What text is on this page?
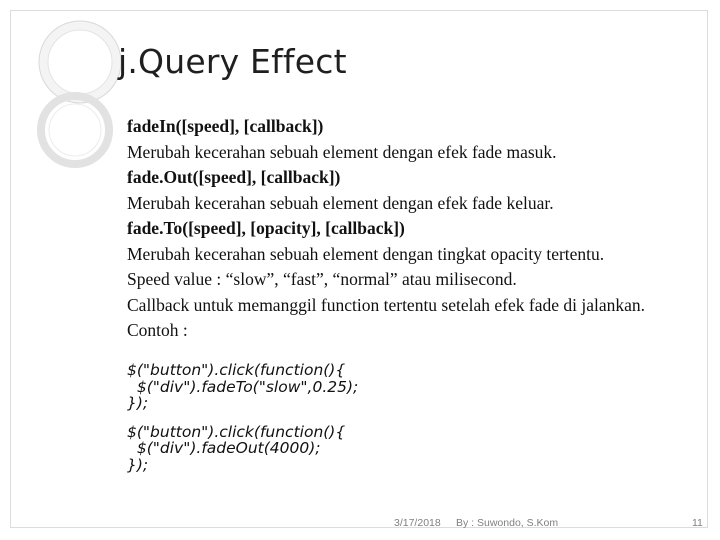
j.Query Effect
fadeIn([speed], [callback])
Merubah kecerahan sebuah element dengan efek fade masuk.
fade.Out([speed], [callback])
Merubah kecerahan sebuah element dengan efek fade keluar.
fade.To([speed], [opacity], [callback])
Merubah kecerahan sebuah element dengan tingkat opacity tertentu.
Speed value : “slow”, “fast”, “normal” atau milisecond.
Callback untuk memanggil function tertentu setelah efek fade di jalankan.
Contoh :
$("button").click(function(){
$("div").fadeTo("slow",0.25);
});
$("button").click(function(){
$("div").fadeOut(4000);
});
3/17/2018 By : Suwondo, S.Kom	11
